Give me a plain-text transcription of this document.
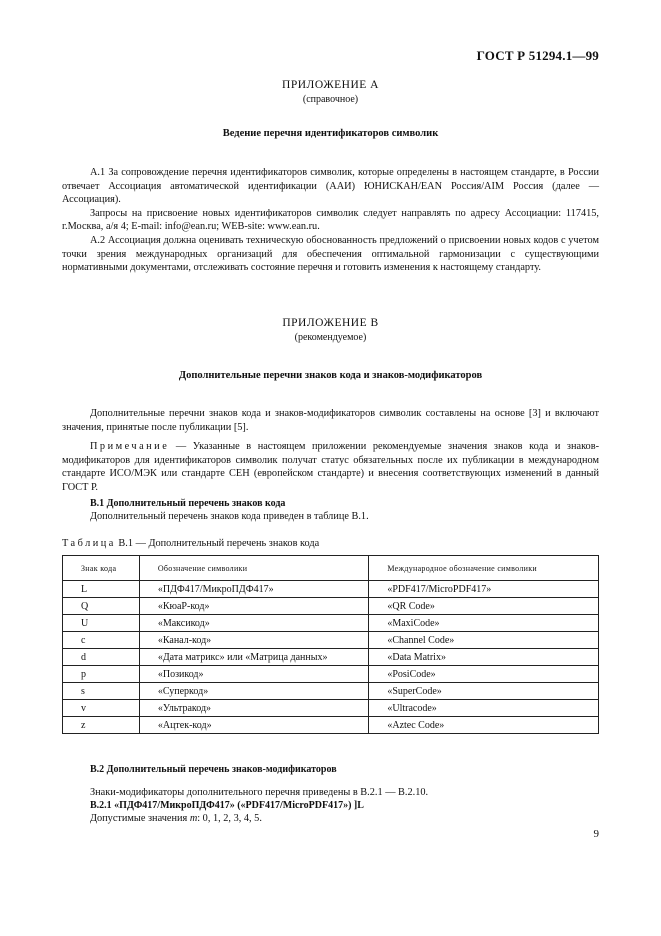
ГОСТ Р 51294.1—99
ПРИЛОЖЕНИЕ А
(справочное)
Ведение перечня идентификаторов символик

А.1 За сопровождение перечня идентификаторов символик, которые определены в настоящем стандарте, в России отвечает Ассоциация автоматической идентификации (ААИ) ЮНИСКАН/EAN Россия/AIM Россия (далее — Ассоциация).

Запросы на присвоение новых идентификаторов символик следует направлять по адресу Ассоциации: 117415, г.Москва, а/я 4; E-mail: info@ean.ru; WEB-site: www.ean.ru.

А.2 Ассоциация должна оценивать техническую обоснованность предложений о присвоении новых кодов с учетом точки зрения международных организаций для обеспечения оптимальной гармонизации с существующими нормативными документами, отслеживать состояние перечня и готовить изменения к настоящему стандарту.

ПРИЛОЖЕНИЕ В
(рекомендуемое)
Дополнительные перечни знаков кода и знаков-модификаторов

Дополнительные перечни знаков кода и знаков-модификаторов символик составлены на основе [3] и включают значения, принятые после публикации [5].

Примечание — Указанные в настоящем приложении рекомендуемые значения знаков кода и знаков-модификаторов для идентификаторов символик получат статус обязательных после их публикации в международном стандарте ИСО/МЭК или стандарте СЕН (европейском стандарте) и внесения соответствующих изменений в данный ГОСТ Р.

В.1 Дополнительный перечень знаков кода
Дополнительный перечень знаков кода приведен в таблице В.1.
Таблица В.1 — Дополнительный перечень знаков кода
Знак кода	Обозначение символики	Международное обозначение символики
L	«ПДФ417/МикроПДФ417»	«PDF417/MicroPDF417»
Q	«КюаР-код»	«QR Code»
U	«Максикод»	«MaxiCode»
c	«Канал-код»	«Channel Code»
d	«Дата матрикс» или «Матрица данных»	«Data Matrix»
p	«Позикод»	«PosiCode»
s	«Суперкод»	«SuperCode»
v	«Ультракод»	«Ultracode»
z	«Ацтек-код»	«Aztec Code»
В.2 Дополнительный перечень знаков-модификаторов
Знаки-модификаторы дополнительного перечня приведены в В.2.1 — В.2.10.
В.2.1 «ПДФ417/МикроПДФ417» («PDF417/MicroPDF417») ]L
Допустимые значения m: 0, 1, 2, 3, 4, 5.
9
